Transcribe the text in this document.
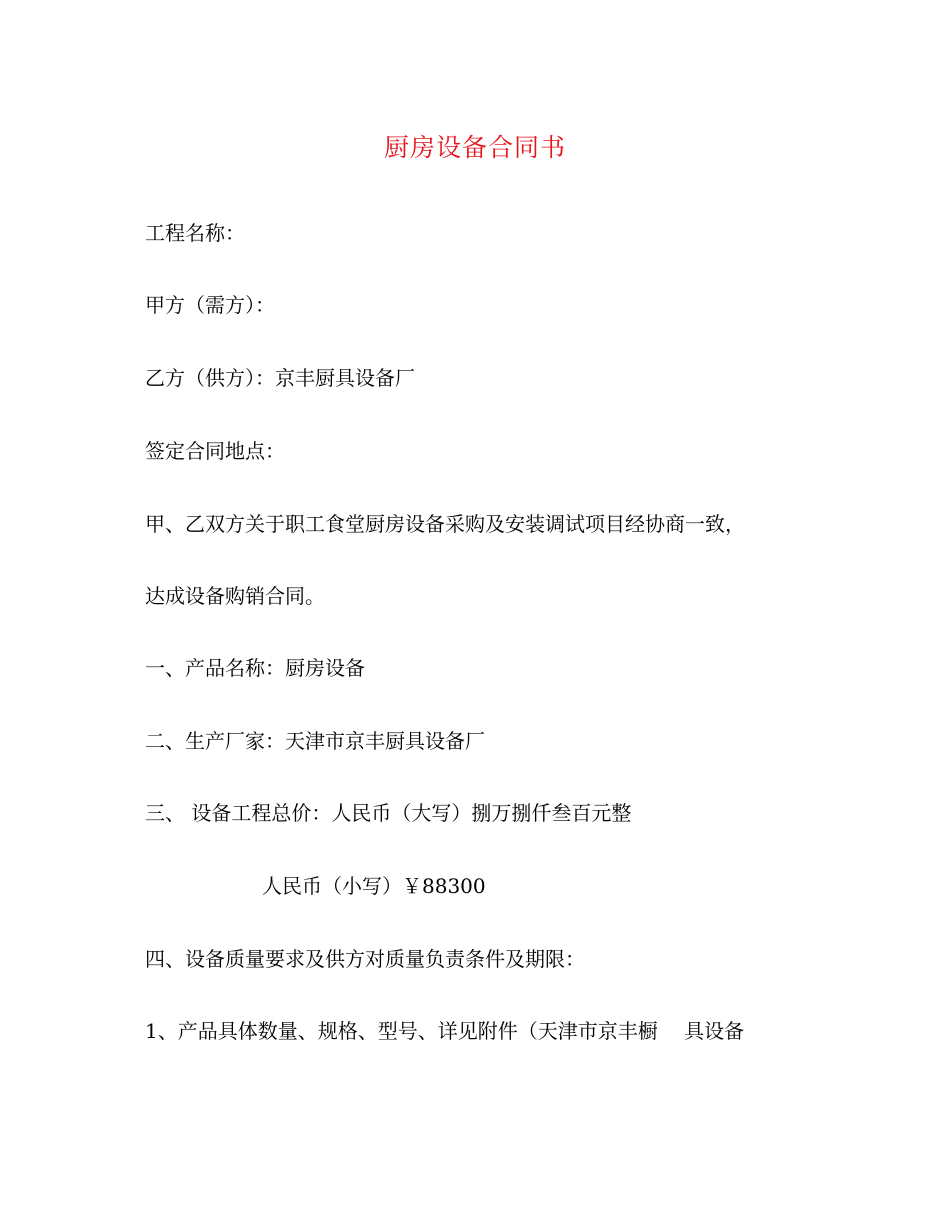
厨房设备合同书
工程名称：
甲方（需方）：
乙方（供方）：京丰厨具设备厂
签定合同地点：
甲、乙双方关于职工食堂厨房设备采购及安装调试项目经协商一致，
达成设备购销合同。
一、产品名称：厨房设备
二、生产厂家：天津市京丰厨具设备厂
三、 设备工程总价：人民币（大写）捌万捌仟叁百元整
人民币（小写）￥88300
四、设备质量要求及供方对质量负责条件及期限：
1、产品具体数量、规格、型号、详见附件（天津市京丰橱 　具设备
